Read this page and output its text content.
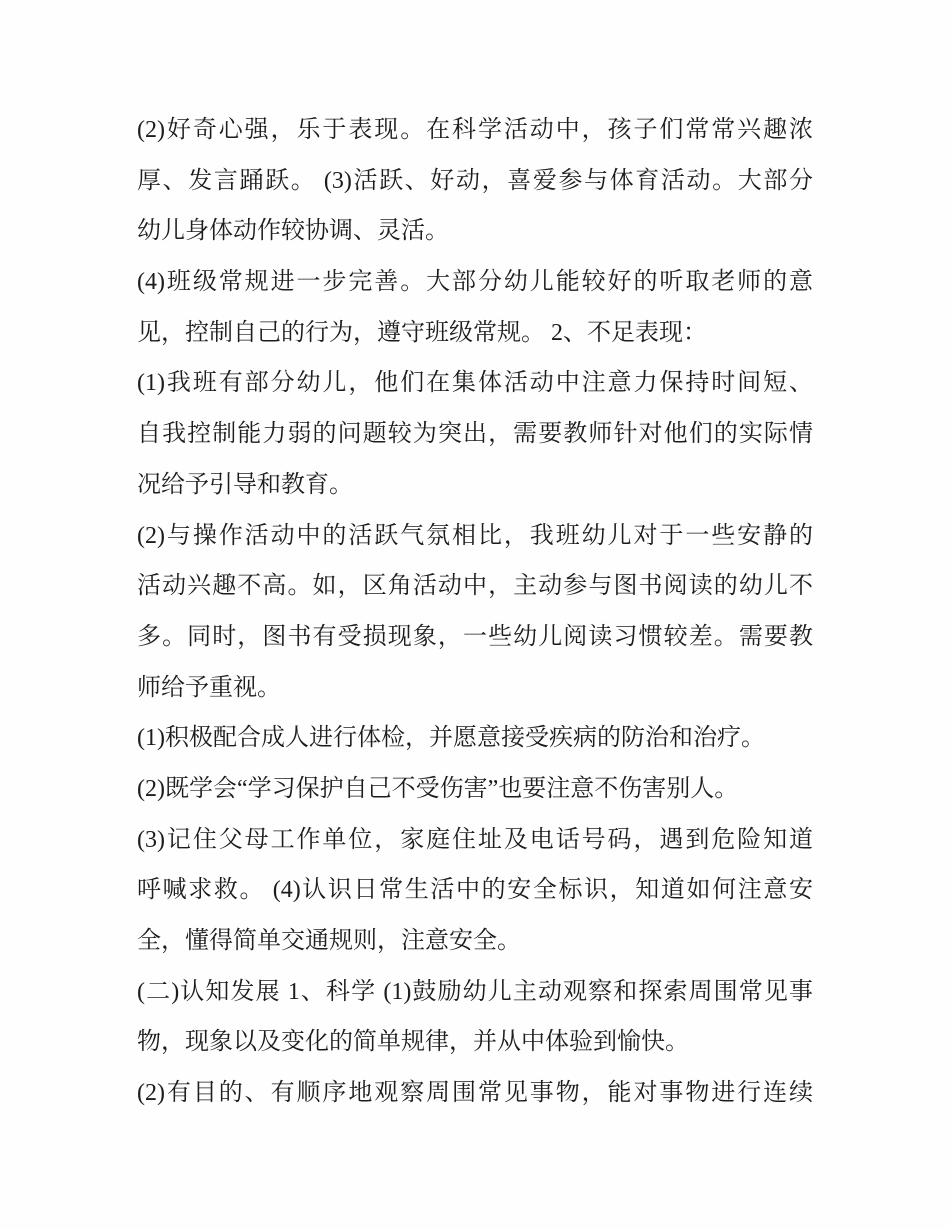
(2)好奇心强，乐于表现。在科学活动中，孩子们常常兴趣浓
厚、发言踊跃。 (3)活跃、好动，喜爱参与体育活动。大部分
幼儿身体动作较协调、灵活。
(4)班级常规进一步完善。大部分幼儿能较好的听取老师的意
见，控制自己的行为，遵守班级常规。 2、不足表现：
(1)我班有部分幼儿，他们在集体活动中注意力保持时间短、
自我控制能力弱的问题较为突出，需要教师针对他们的实际情
况给予引导和教育。
(2)与操作活动中的活跃气氛相比，我班幼儿对于一些安静的
活动兴趣不高。如，区角活动中，主动参与图书阅读的幼儿不
多。同时，图书有受损现象，一些幼儿阅读习惯较差。需要教
师给予重视。
(1)积极配合成人进行体检，并愿意接受疾病的防治和治疗。
(2)既学会“学习保护自己不受伤害”也要注意不伤害别人。
(3)记住父母工作单位，家庭住址及电话号码，遇到危险知道
呼喊求救。 (4)认识日常生活中的安全标识，知道如何注意安
全，懂得简单交通规则，注意安全。
(二)认知发展 1、科学 (1)鼓励幼儿主动观察和探索周围常见事
物，现象以及变化的简单规律，并从中体验到愉快。
(2)有目的、有顺序地观察周围常见事物，能对事物进行连续
